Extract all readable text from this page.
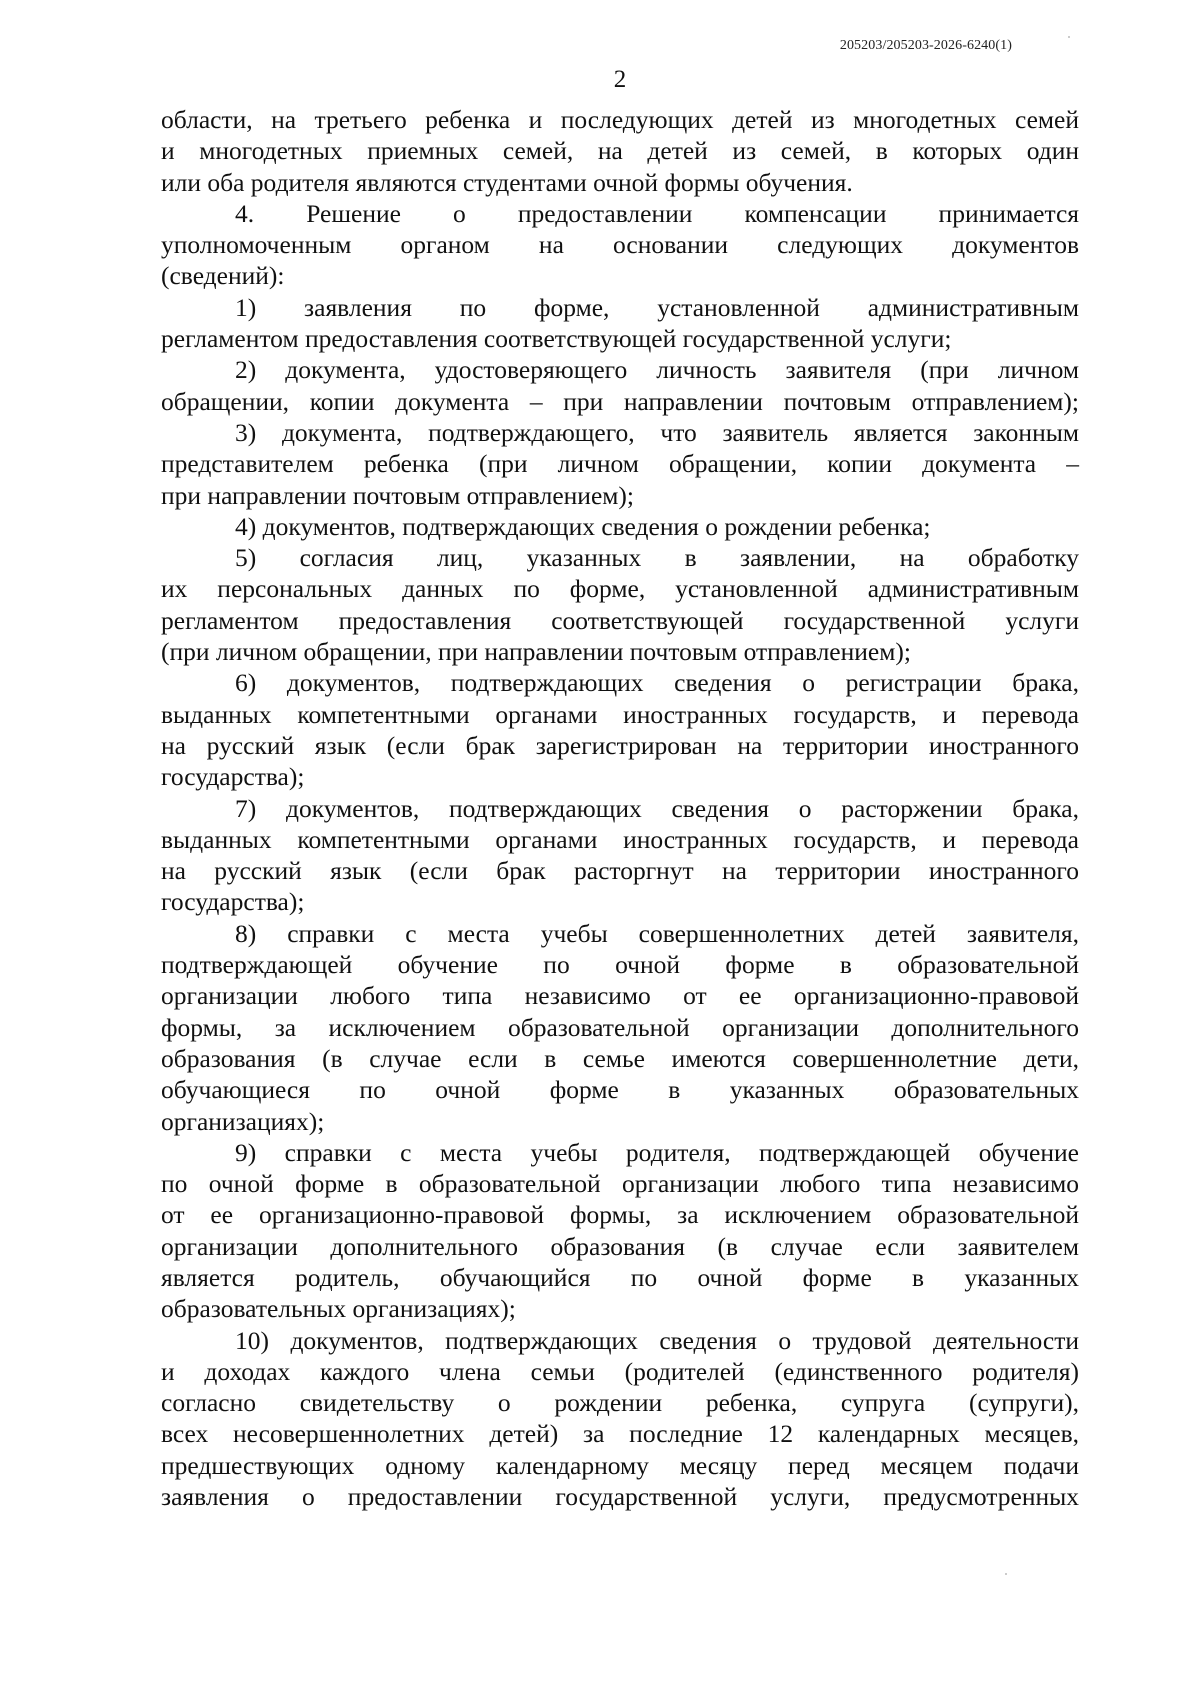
205203/205203-2026-6240(1)
2
области, на третьего ребенка и последующих детей из многодетных семей
и многодетных приемных семей, на детей из семей, в которых один
или оба родителя являются студентами очной формы обучения.
4. Решение о предоставлении компенсации принимается
уполномоченным органом на основании следующих документов
(сведений):
1) заявления по форме, установленной административным
регламентом предоставления соответствующей государственной услуги;
2) документа, удостоверяющего личность заявителя (при личном
обращении, копии документа – при направлении почтовым отправлением);
3) документа, подтверждающего, что заявитель является законным
представителем ребенка (при личном обращении, копии документа –
при направлении почтовым отправлением);
4) документов, подтверждающих сведения о рождении ребенка;
5) согласия лиц, указанных в заявлении, на обработку
их персональных данных по форме, установленной административным
регламентом предоставления соответствующей государственной услуги
(при личном обращении, при направлении почтовым отправлением);
6) документов, подтверждающих сведения о регистрации брака,
выданных компетентными органами иностранных государств, и перевода
на русский язык (если брак зарегистрирован на территории иностранного
государства);
7) документов, подтверждающих сведения о расторжении брака,
выданных компетентными органами иностранных государств, и перевода
на русский язык (если брак расторгнут на территории иностранного
государства);
8) справки с места учебы совершеннолетних детей заявителя,
подтверждающей обучение по очной форме в образовательной
организации любого типа независимо от ее организационно-правовой
формы, за исключением образовательной организации дополнительного
образования (в случае если в семье имеются совершеннолетние дети,
обучающиеся по очной форме в указанных образовательных
организациях);
9) справки с места учебы родителя, подтверждающей обучение
по очной форме в образовательной организации любого типа независимо
от ее организационно-правовой формы, за исключением образовательной
организации дополнительного образования (в случае если заявителем
является родитель, обучающийся по очной форме в указанных
образовательных организациях);
10) документов, подтверждающих сведения о трудовой деятельности
и доходах каждого члена семьи (родителей (единственного родителя)
согласно свидетельству о рождении ребенка, супруга (супруги),
всех несовершеннолетних детей) за последние 12 календарных месяцев,
предшествующих одному календарному месяцу перед месяцем подачи
заявления о предоставлении государственной услуги, предусмотренных
